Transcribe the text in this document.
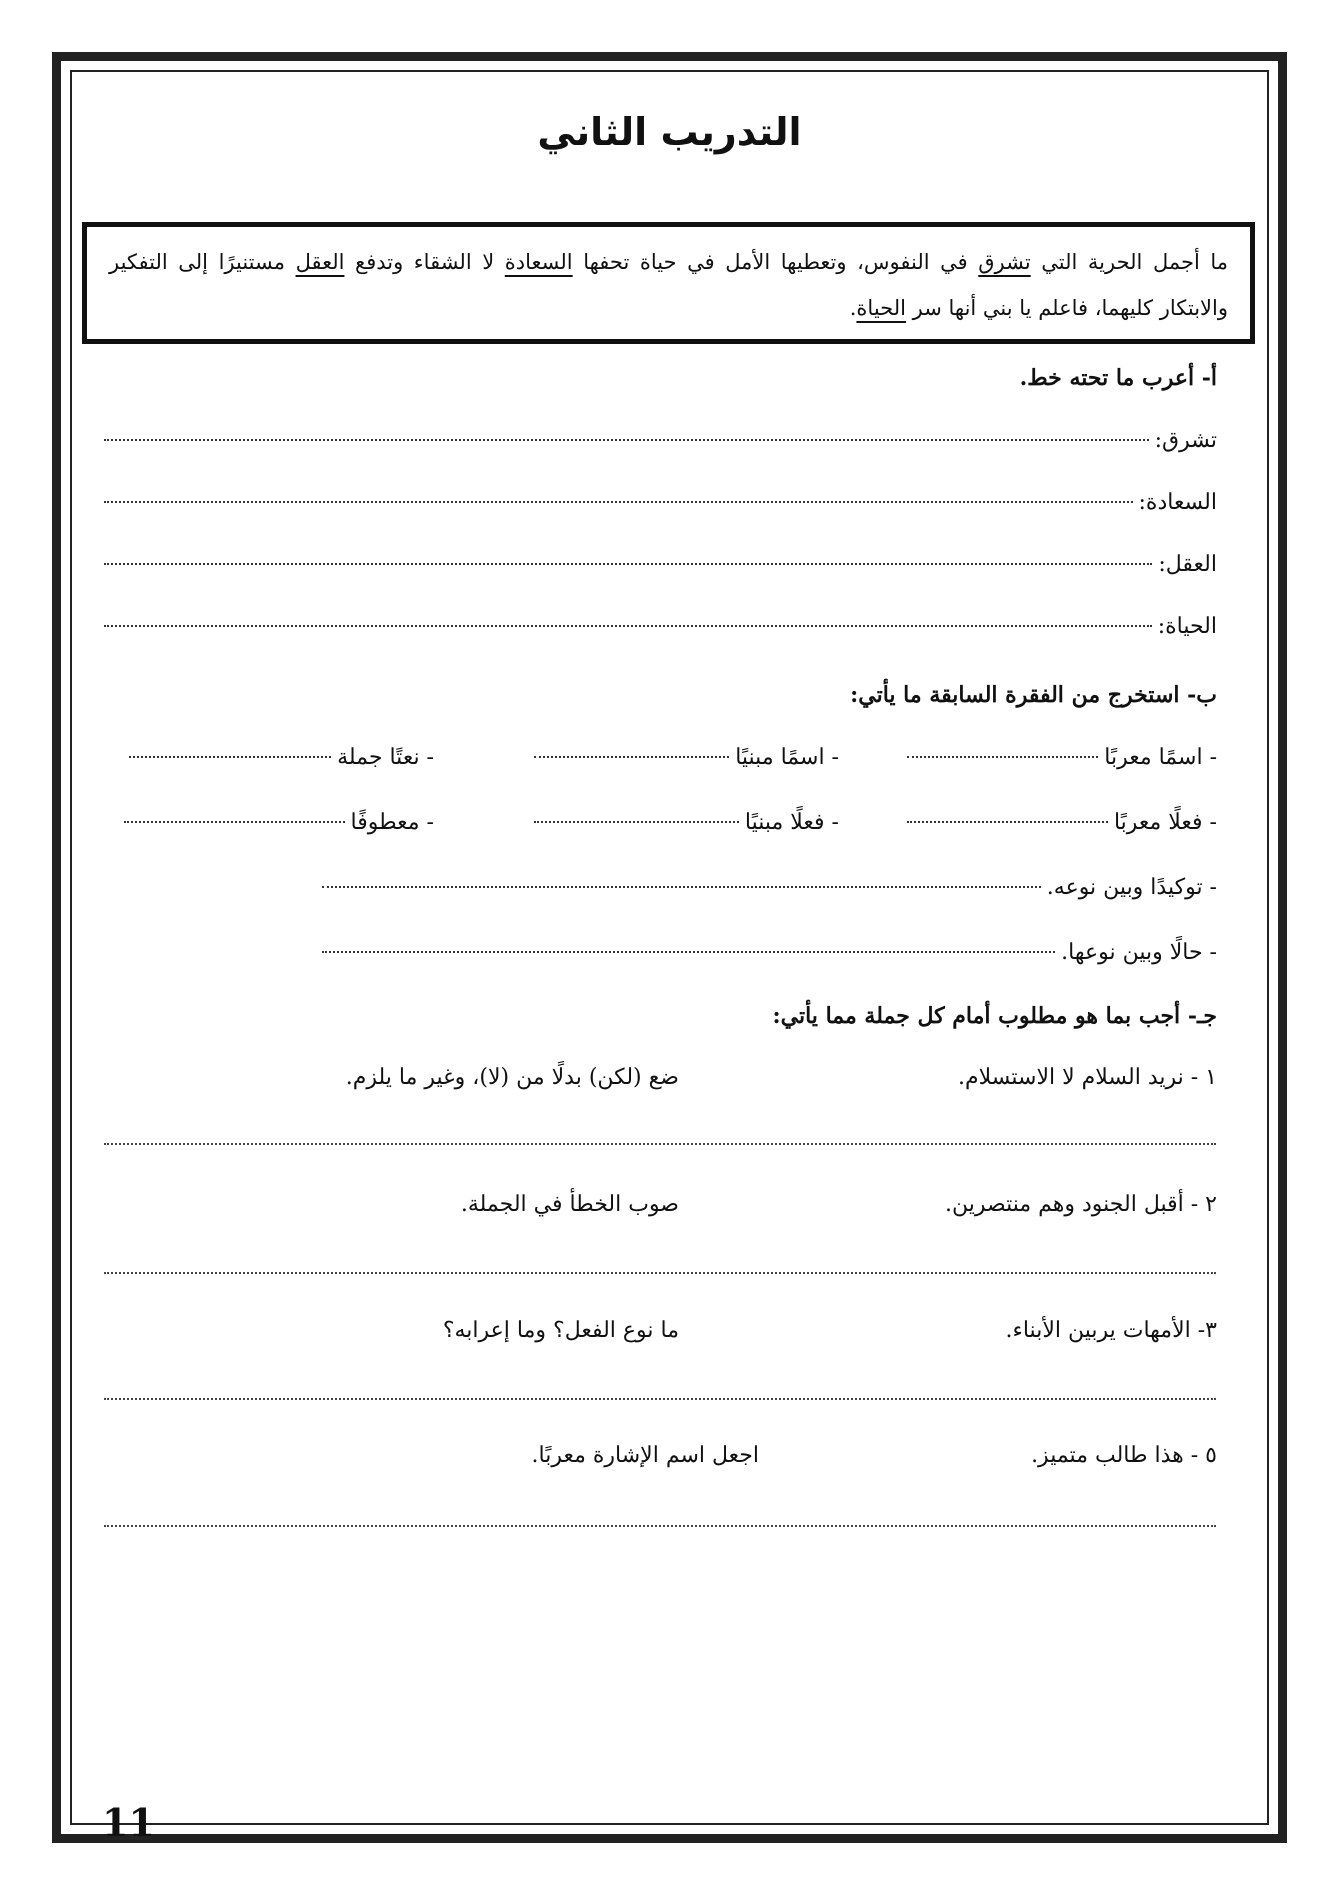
التدريب الثاني
ما أجمل الحرية التي تشرق في النفوس، وتعطيها الأمل في حياة تحفها السعادة لا الشقاء وتدفع العقل مستنيرًا إلى التفكير والابتكار كليهما، فاعلم يا بني أنها سر الحياة.
أ- أعرب ما تحته خط.
تشرق:
السعادة:
العقل:
الحياة:
ب- استخرج من الفقرة السابقة ما يأتي:
- اسمًا معربًا
- اسمًا مبنيًا
- نعتًا جملة
- فعلًا معربًا
- فعلًا مبنيًا
- معطوفًا
- توكيدًا وبين نوعه.
- حالًا وبين نوعها.
جـ- أجب بما هو مطلوب أمام كل جملة مما يأتي:
١ - نريد السلام لا الاستسلام.
ضع (لكن) بدلًا من (لا)، وغير ما يلزم.
٢ - أقبل الجنود وهم منتصرين.
صوب الخطأ في الجملة.
٣- الأمهات يربين الأبناء.
ما نوع الفعل؟ وما إعرابه؟
٥ - هذا طالب متميز.
اجعل اسم الإشارة معربًا.
11
